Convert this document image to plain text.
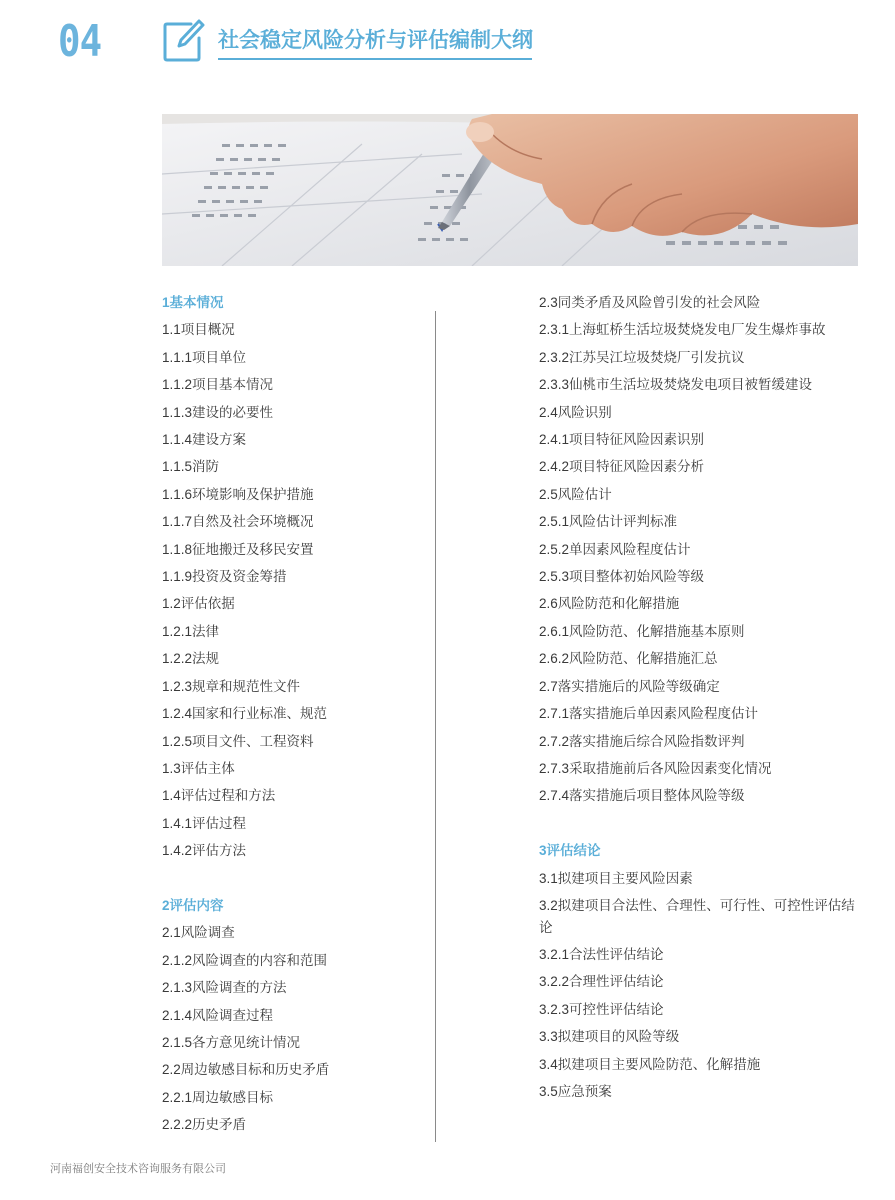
04	社会稳定风险分析与评估编制大纲
1基本情况
1.1项目概况
1.1.1项目单位
1.1.2项目基本情况
1.1.3建设的必要性
1.1.4建设方案
1.1.5消防
1.1.6环境影响及保护措施
1.1.7自然及社会环境概况
1.1.8征地搬迁及移民安置
1.1.9投资及资金筹措
1.2评估依据
1.2.1法律
1.2.2法规
1.2.3规章和规范性文件
1.2.4国家和行业标准、规范
1.2.5项目文件、工程资料
1.3评估主体
1.4评估过程和方法
1.4.1评估过程
1.4.2评估方法
2评估内容
2.1风险调查
2.1.2风险调查的内容和范围
2.1.3风险调查的方法
2.1.4风险调查过程
2.1.5各方意见统计情况
2.2周边敏感目标和历史矛盾
2.2.1周边敏感目标
2.2.2历史矛盾
2.3同类矛盾及风险曾引发的社会风险
2.3.1上海虹桥生活垃圾焚烧发电厂发生爆炸事故
2.3.2江苏吴江垃圾焚烧厂引发抗议
2.3.3仙桃市生活垃圾焚烧发电项目被暂缓建设
2.4风险识别
2.4.1项目特征风险因素识别
2.4.2项目特征风险因素分析
2.5风险估计
2.5.1风险估计评判标准
2.5.2单因素风险程度估计
2.5.3项目整体初始风险等级
2.6风险防范和化解措施
2.6.1风险防范、化解措施基本原则
2.6.2风险防范、化解措施汇总
2.7落实措施后的风险等级确定
2.7.1落实措施后单因素风险程度估计
2.7.2落实措施后综合风险指数评判
2.7.3采取措施前后各风险因素变化情况
2.7.4落实措施后项目整体风险等级
3评估结论
3.1拟建项目主要风险因素
3.2拟建项目合法性、合理性、可行性、可控性评估结论
3.2.1合法性评估结论
3.2.2合理性评估结论
3.2.3可控性评估结论
3.3拟建项目的风险等级
3.4拟建项目主要风险防范、化解措施
3.5应急预案
河南福创安全技术咨询服务有限公司
